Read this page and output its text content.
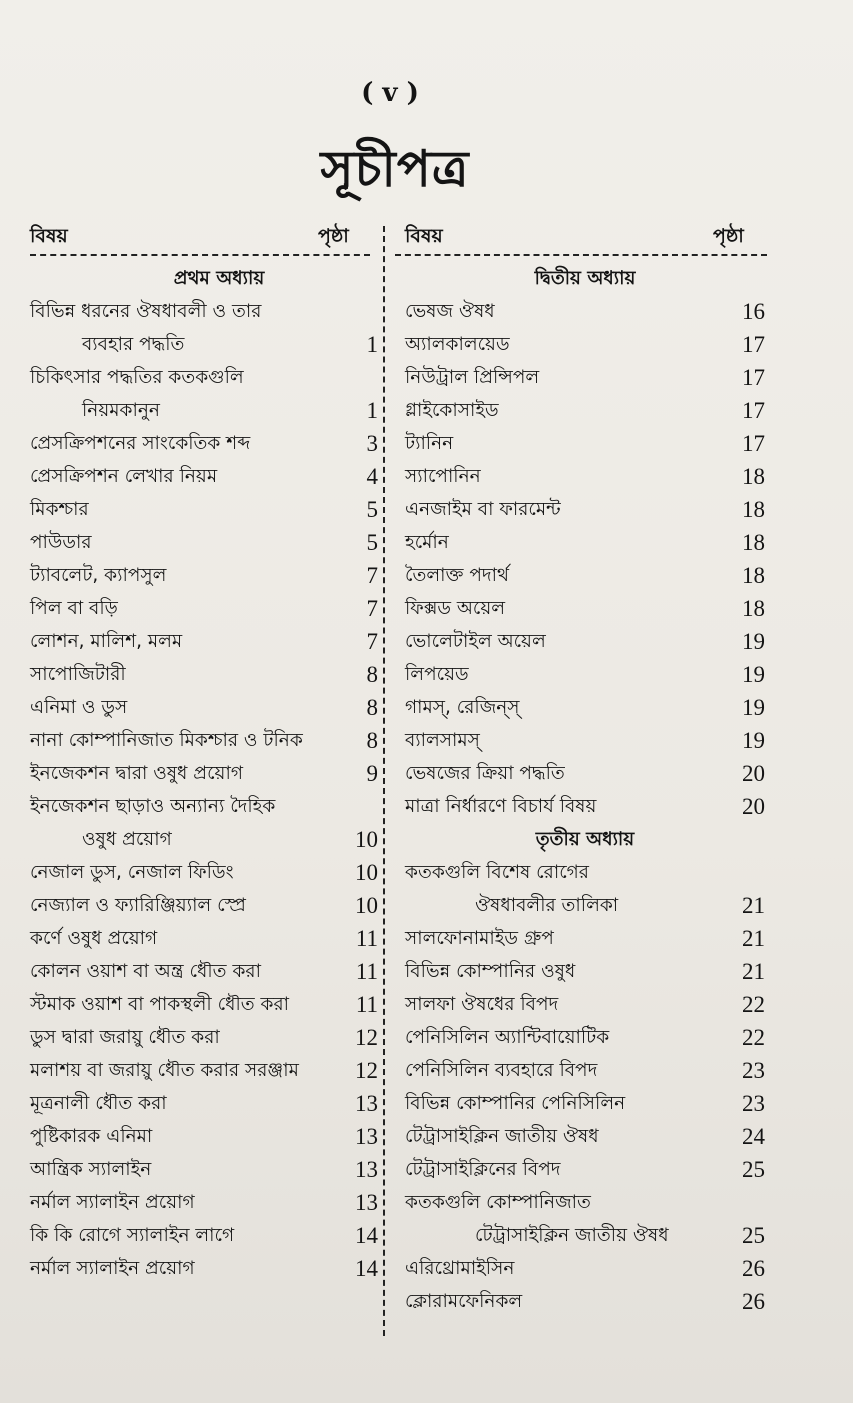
( v )
সূচীপত্র
বিষয়	পৃষ্ঠা	বিষয়	পৃষ্ঠা
প্রথম অধ্যায়
বিভিন্ন ধরনের ঔষধাবলী ও তার
ব্যবহার পদ্ধতি	1
চিকিৎসার পদ্ধতির কতকগুলি
নিয়মকানুন	1
প্রেসক্রিপশনের সাংকেতিক শব্দ	3
প্রেসক্রিপশন লেখার নিয়ম	4
মিকশ্চার	5
পাউডার	5
ট্যাবলেট, ক্যাপসুল	7
পিল বা বড়ি	7
লোশন, মালিশ, মলম	7
সাপোজিটারী	8
এনিমা ও ডুস	8
নানা কোম্পানিজাত মিকশ্চার ও টনিক	8
ইনজেকশন দ্বারা ওষুধ প্রয়োগ	9
ইনজেকশন ছাড়াও অন্যান্য দৈহিক
ওষুধ প্রয়োগ	10
নেজাল ডুস, নেজাল ফিডিং	10
নেজ্যাল ও ফ্যারিঞ্জিয়্যাল স্প্রে	10
কর্ণে ওষুধ প্রয়োগ	11
কোলন ওয়াশ বা অন্ত্র ধৌত করা	11
স্টমাক ওয়াশ বা পাকস্থলী ধৌত করা	11
ডুস দ্বারা জরায়ু ধৌত করা	12
মলাশয় বা জরায়ু ধৌত করার সরঞ্জাম 12
মূত্রনালী ধৌত করা	13
পুষ্টিকারক এনিমা	13
আন্ত্রিক স্যালাইন	13
নর্মাল স্যালাইন প্রয়োগ	13
কি কি রোগে স্যালাইন লাগে	14
নর্মাল স্যালাইন প্রয়োগ	14
দ্বিতীয় অধ্যায়
ভেষজ ঔষধ	16
অ্যালকালয়েড	17
নিউট্রাল প্রিন্সিপল	17
গ্লাইকোসাইড	17
ট্যানিন	17
স্যাপোনিন	18
এনজাইম বা ফারমেন্ট	18
হর্মোন	18
তৈলাক্ত পদার্থ	18
ফিক্সড অয়েল	18
ভোলেটাইল অয়েল	19
লিপয়েড	19
গামস্, রেজিন্স্	19
ব্যালসামস্	19
ভেষজের ক্রিয়া পদ্ধতি	20
মাত্রা নির্ধারণে বিচার্য বিষয়	20
তৃতীয় অধ্যায়
কতকগুলি বিশেষ রোগের
ঔষধাবলীর তালিকা	21
সালফোনামাইড গ্রুপ	21
বিভিন্ন কোম্পানির ওষুধ	21
সালফা ঔষধের বিপদ	22
পেনিসিলিন অ্যান্টিবায়োটিক	22
পেনিসিলিন ব্যবহারে বিপদ	23
বিভিন্ন কোম্পানির পেনিসিলিন	23
টেট্রাসাইক্লিন জাতীয় ঔষধ	24
টেট্রাসাইক্লিনের বিপদ	25
কতকগুলি কোম্পানিজাত
টেট্রাসাইক্লিন জাতীয় ঔষধ	25
এরিথ্রোমাইসিন	26
ক্লোরামফেনিকল	26
